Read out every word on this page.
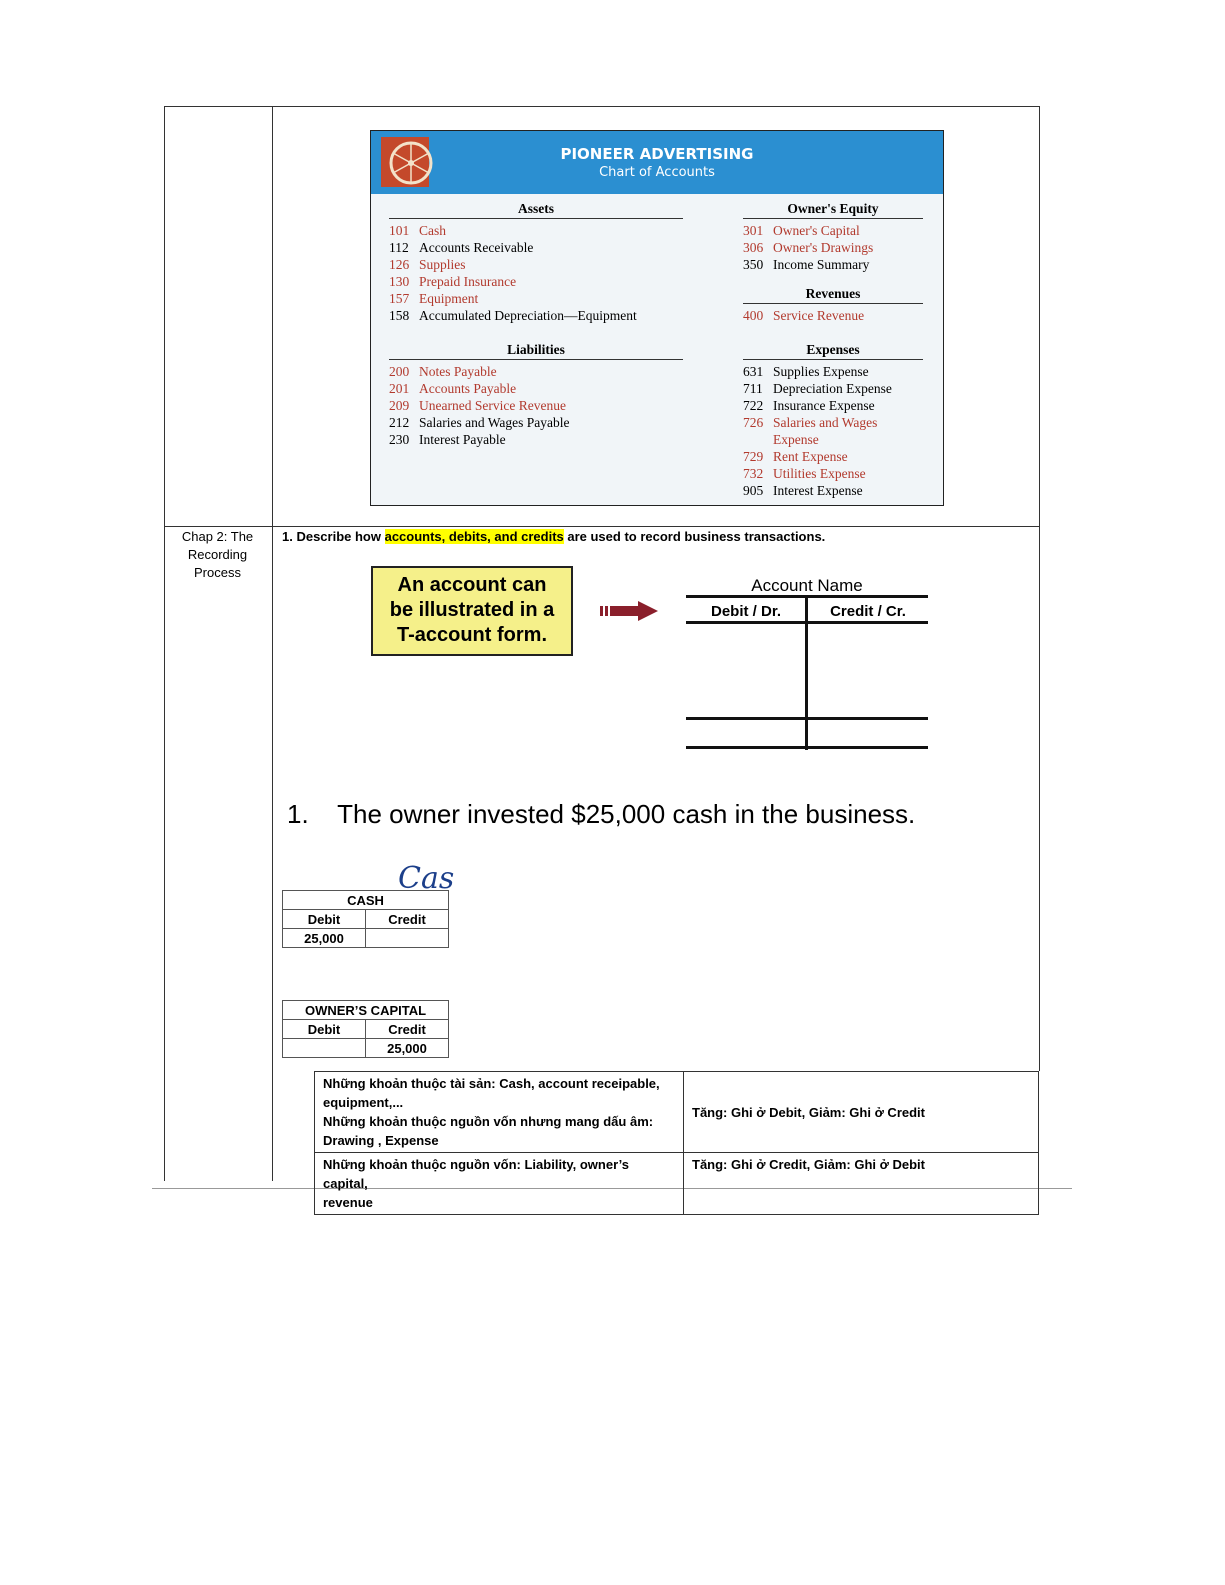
PIONEER ADVERTISING
Chart of Accounts
Assets
101 Cash
112 Accounts Receivable
126 Supplies
130 Prepaid Insurance
157 Equipment
158 Accumulated Depreciation—Equipment
Liabilities
200 Notes Payable
201 Accounts Payable
209 Unearned Service Revenue
212 Salaries and Wages Payable
230 Interest Payable
Owner's Equity
301 Owner's Capital
306 Owner's Drawings
350 Income Summary
Revenues
400 Service Revenue
Expenses
631 Supplies Expense
711 Depreciation Expense
722 Insurance Expense
726 Salaries and Wages
Expense
729 Rent Expense
732 Utilities Expense
905 Interest Expense
Chap 2: The
Recording
Process
1. Describe how accounts, debits, and credits are used to record business transactions.
An account can
be illustrated in a
T-account form.
Account Name
Debit / Dr.	Credit / Cr.
1.    The owner invested $25,000 cash in the business.
Cas
CASH	
Debit	Credit
25,000	
OWNER’S CAPITAL	
Debit	Credit
	25,000
Những khoản thuộc tài sản: Cash, account receipable,
equipment,...
Những khoản thuộc nguồn vốn nhưng mang dấu âm:
Drawing , Expense	Tăng: Ghi ở Debit, Giảm: Ghi ở Credit

Những khoản thuộc nguồn vốn: Liability, owner’s capital,
revenue	Tăng: Ghi ở Credit, Giảm: Ghi ở Debit
